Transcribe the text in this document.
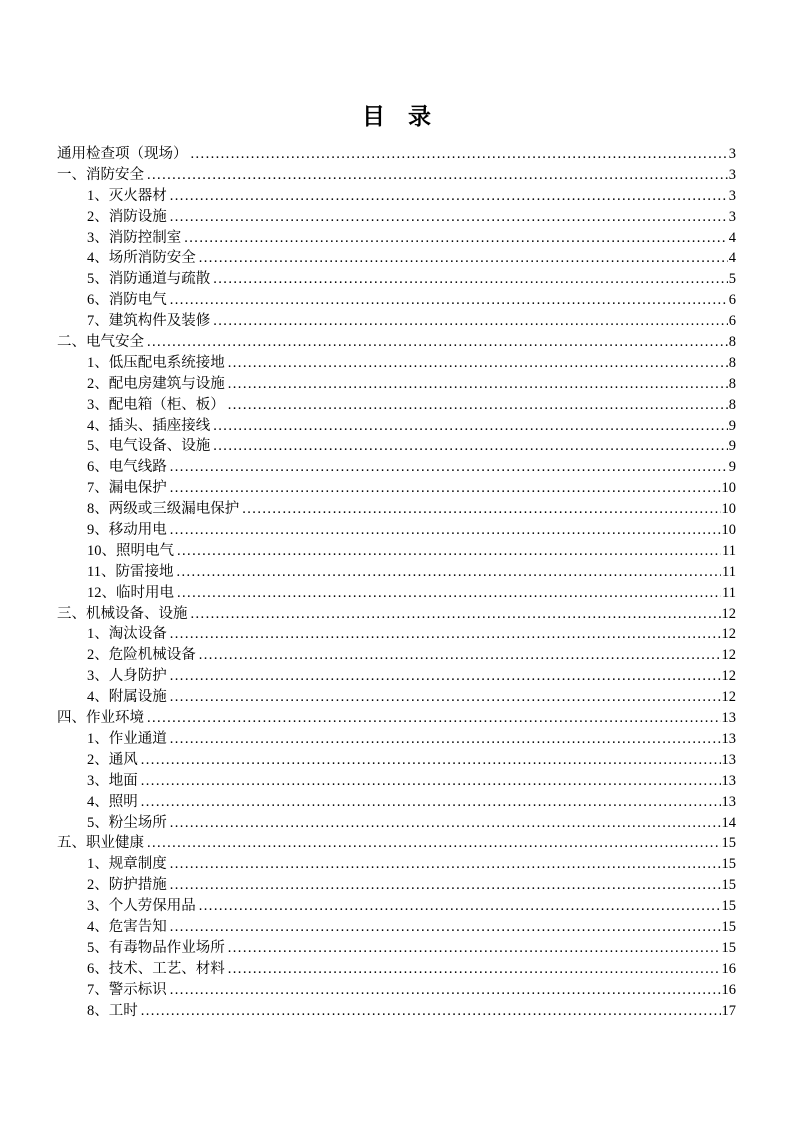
目　录
通用检查项（现场） .....	3
一、消防安全 .....	3
1、灭火器材 .....	3
2、消防设施 .....	3
3、消防控制室 .....	4
4、场所消防安全 .....	4
5、消防通道与疏散 .....	5
6、消防电气 .....	6
7、建筑构件及装修 .....	6
二、电气安全 .....	8
1、低压配电系统接地 .....	8
2、配电房建筑与设施 .....	8
3、配电箱（柜、板） .....	8
4、插头、插座接线 .....	9
5、电气设备、设施 .....	9
6、电气线路 .....	9
7、漏电保护 .....	10
8、两级或三级漏电保护 .....	10
9、移动用电 .....	10
10、照明电气 .....	11
11、防雷接地 .....	11
12、临时用电 .....	11
三、机械设备、设施 .....	12
1、淘汰设备 .....	12
2、危险机械设备 .....	12
3、人身防护 .....	12
4、附属设施 .....	12
四、作业环境 .....	13
1、作业通道 .....	13
2、通风 .....	13
3、地面 .....	13
4、照明 .....	13
5、粉尘场所 .....	14
五、职业健康 .....	15
1、规章制度 .....	15
2、防护措施 .....	15
3、个人劳保用品 .....	15
4、危害告知 .....	15
5、有毒物品作业场所 .....	15
6、技术、工艺、材料 .....	16
7、警示标识 .....	16
8、工时 .....	17
